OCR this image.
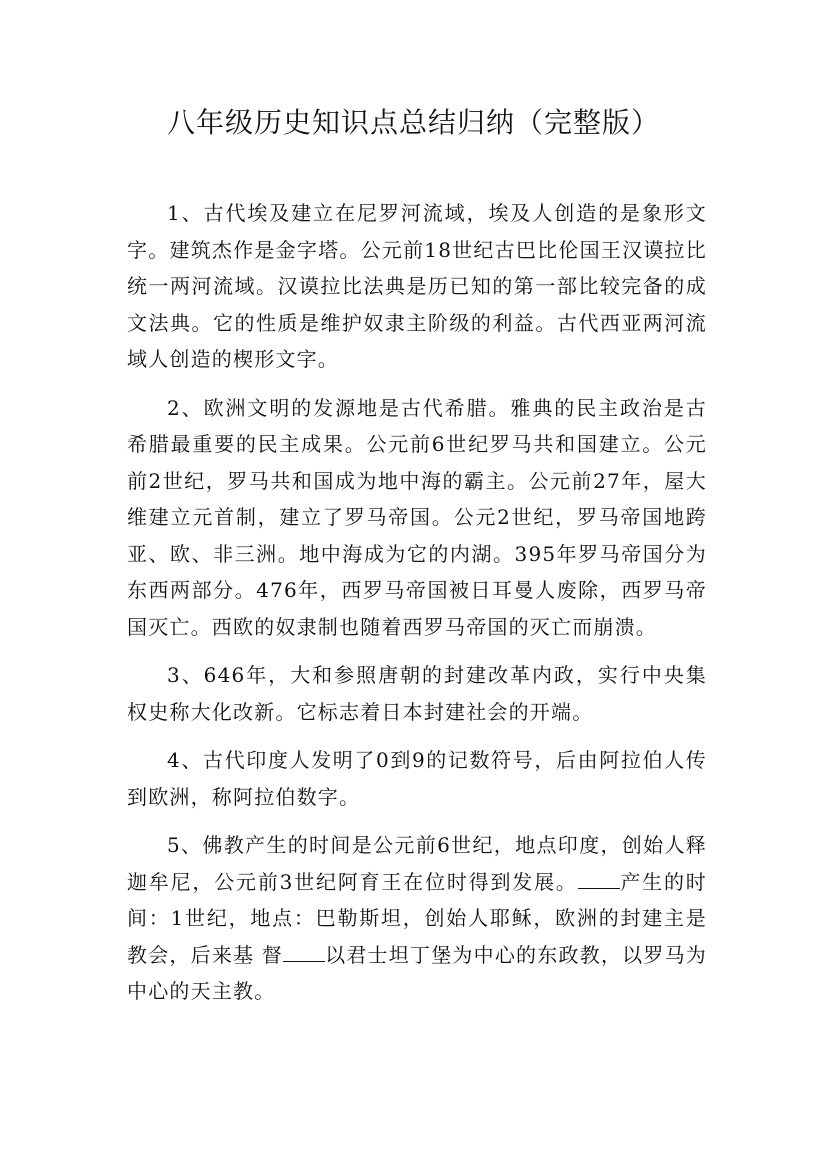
八年级历史知识点总结归纳（完整版）

1、古代埃及建立在尼罗河流域，埃及人创造的是象形文字。建筑杰作是金字塔。公元前18世纪古巴比伦国王汉谟拉比统一两河流域。汉谟拉比法典是历已知的第一部比较完备的成文法典。它的性质是维护奴隶主阶级的利益。古代西亚两河流域人创造的楔形文字。

2、欧洲文明的发源地是古代希腊。雅典的民主政治是古希腊最重要的民主成果。公元前6世纪罗马共和国建立。公元前2世纪，罗马共和国成为地中海的霸主。公元前27年，屋大维建立元首制，建立了罗马帝国。公元2世纪，罗马帝国地跨亚、欧、非三洲。地中海成为它的内湖。395年罗马帝国分为东西两部分。476年，西罗马帝国被日耳曼人废除，西罗马帝国灭亡。西欧的奴隶制也随着西罗马帝国的灭亡而崩溃。

3、646年，大和参照唐朝的封建改革内政，实行中央集权史称大化改新。它标志着日本封建社会的开端。

4、古代印度人发明了0到9的记数符号，后由阿拉伯人传到欧洲，称阿拉伯数字。

5、佛教产生的时间是公元前6世纪，地点印度，创始人释迦牟尼，公元前3世纪阿育王在位时得到发展。 产生的时间：1世纪，地点：巴勒斯坦，创始人耶稣，欧洲的封建主是教会，后来基 督 以君士坦丁堡为中心的东政教，以罗马为中心的天主教。
